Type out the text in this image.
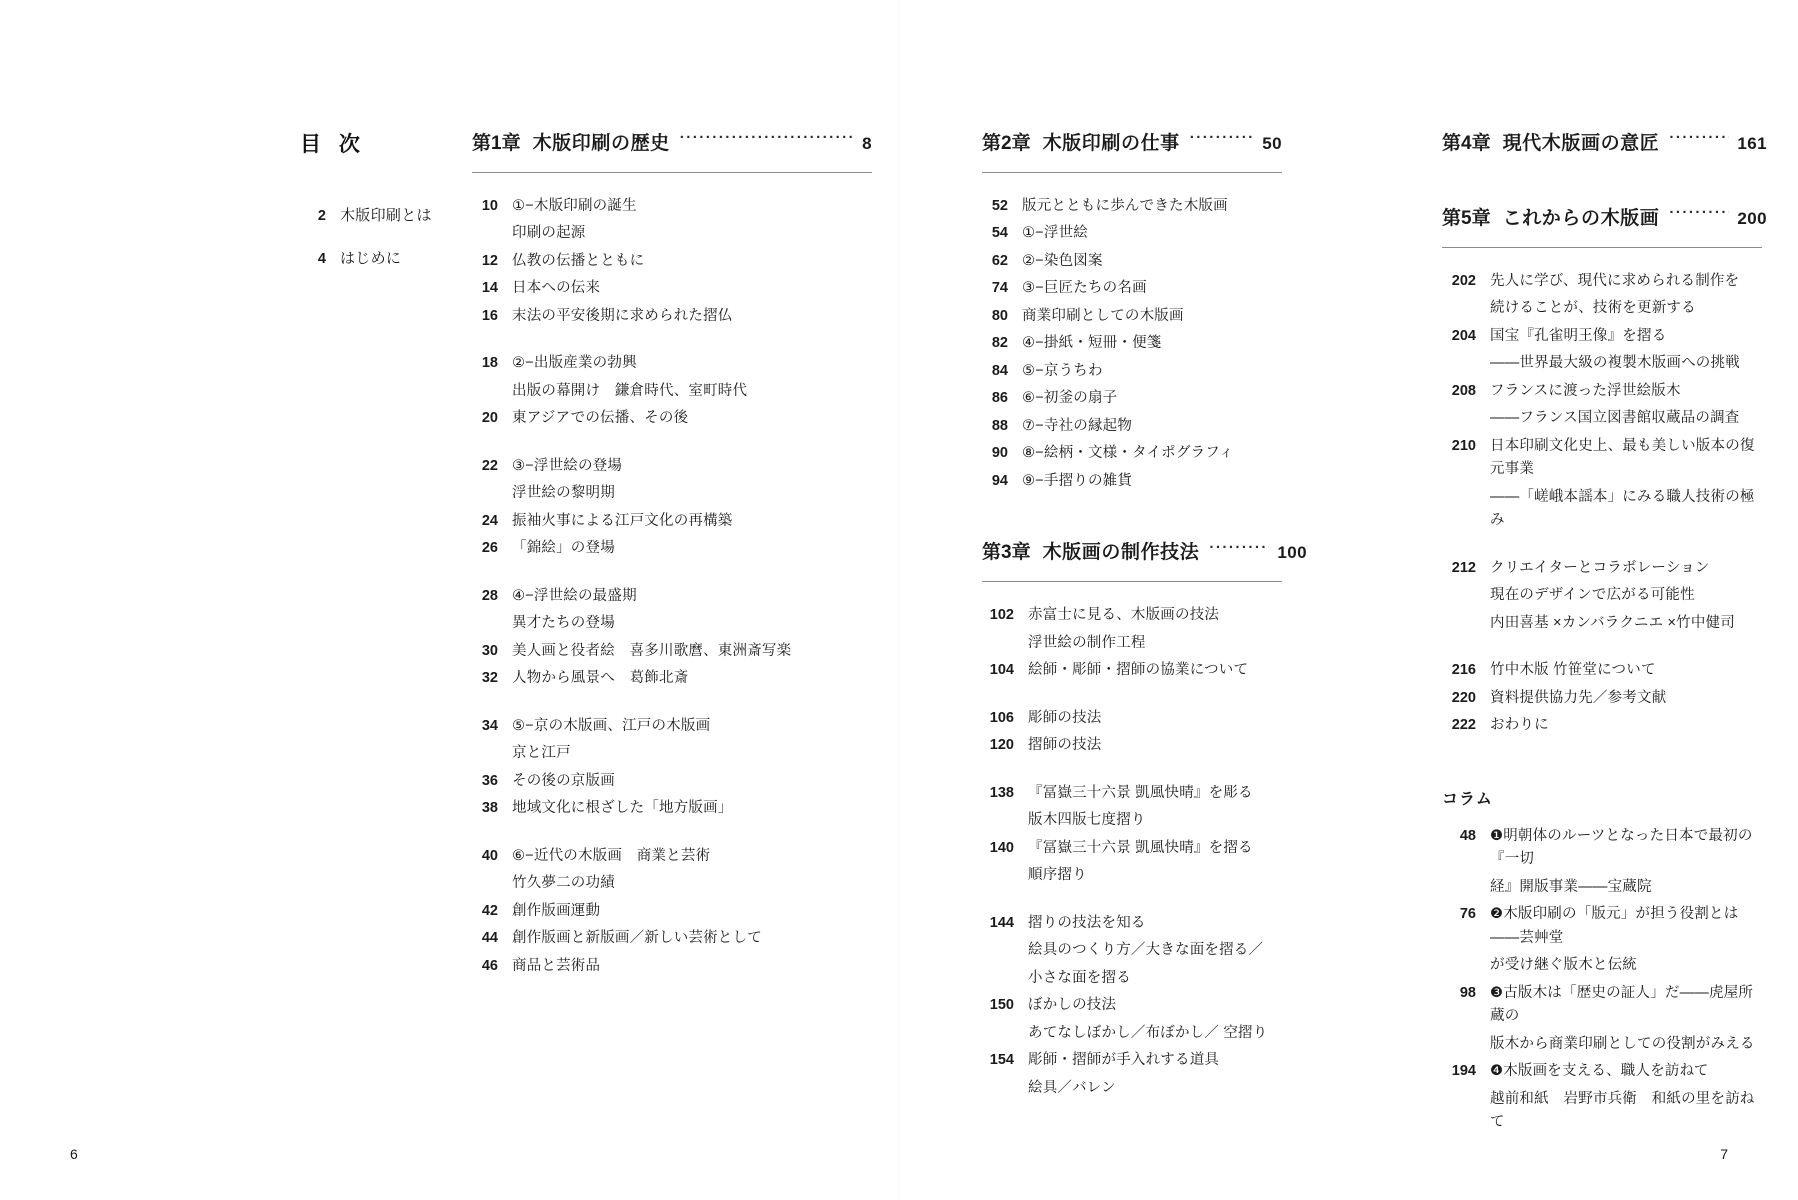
目 次
2 木版印刷とは
4 はじめに
第1章 木版印刷の歴史 ·····	8
10 ①−木版印刷の誕生
印刷の起源
12 仏教の伝播とともに
14 日本への伝来
16 末法の平安後期に求められた摺仏
18 ②−出版産業の勃興
出版の幕開け　鎌倉時代、室町時代
20 東アジアでの伝播、その後
22 ③−浮世絵の登場
浮世絵の黎明期
24 振袖火事による江戸文化の再構築
26 「錦絵」の登場
28 ④−浮世絵の最盛期
異才たちの登場
30 美人画と役者絵　喜多川歌麿、東洲斎写楽
32 人物から風景へ　葛飾北斎
34 ⑤−京の木版画、江戸の木版画
京と江戸
36 その後の京版画
38 地域文化に根ざした「地方版画」
40 ⑥−近代の木版画　商業と芸術
竹久夢二の功績
42 創作版画運動
44 創作版画と新版画／新しい芸術として
46 商品と芸術品
第2章 木版印刷の仕事 ·····	50
52 版元とともに歩んできた木版画
54 ①−浮世絵
62 ②−染色図案
74 ③−巨匠たちの名画
80 商業印刷としての木版画
82 ④−掛紙・短冊・便箋
84 ⑤−京うちわ
86 ⑥−初釜の扇子
88 ⑦−寺社の縁起物
90 ⑧−絵柄・文様・タイポグラフィ
94 ⑨−手摺りの雑貨
第3章 木版画の制作技法 ·····	100
102 赤富士に見る、木版画の技法
浮世絵の制作工程
104 絵師・彫師・摺師の協業について
106 彫師の技法
120 摺師の技法
138 『冨嶽三十六景 凱風快晴』を彫る
版木四版七度摺り
140 『冨嶽三十六景 凱風快晴』を摺る
順序摺り
144 摺りの技法を知る
絵具のつくり方／大きな面を摺る／
小さな面を摺る
150 ぼかしの技法
あてなしぼかし／布ぼかし／ 空摺り
154 彫師・摺師が手入れする道具
絵具／バレン
第4章 現代木版画の意匠 ·····	161
第5章 これからの木版画 ·····	200
202 先人に学び、現代に求められる制作を
続けることが、技術を更新する
204 国宝『孔雀明王像』を摺る
——世界最大級の複製木版画への挑戦
208 フランスに渡った浮世絵版木
——フランス国立図書館収蔵品の調査
210 日本印刷文化史上、最も美しい版本の復元事業
——「嵯峨本謡本」にみる職人技術の極み
212 クリエイターとコラボレーション
現在のデザインで広がる可能性
内田喜基 ×カンバラクニエ ×竹中健司
216 竹中木版 竹笹堂について
220 資料提供協力先／参考文献
222 おわりに
コラム
48 ❶明朝体のルーツとなった日本で最初の『一切
経』開版事業——宝蔵院
76 ❷木版印刷の「版元」が担う役割とは——芸艸堂
が受け継ぐ版木と伝統
98 ❸古版木は「歴史の証人」だ——虎屋所蔵の
版木から商業印刷としての役割がみえる
194 ❹木版画を支える、職人を訪ねて
越前和紙　岩野市兵衛　和紙の里を訪ねて
6	7
